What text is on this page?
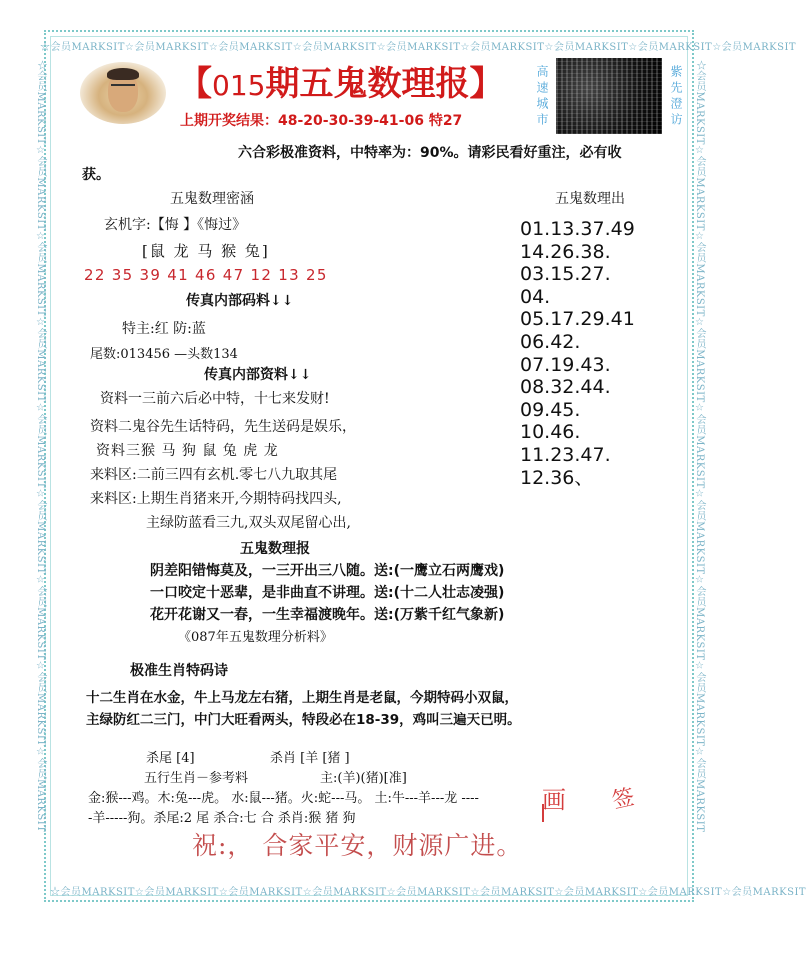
☆会员MARKSIT☆会员MARKSIT☆会员MARKSIT☆会员MARKSIT☆会员MARKSIT☆会员MARKSIT☆会员MARKSIT☆会员MARKSIT☆会员MARKSIT
☆会员MARKSIT☆会员MARKSIT☆会员MARKSIT☆会员MARKSIT☆会员MARKSIT☆会员MARKSIT☆会员MARKSIT☆会员MARKSIT☆会员MARKSIT
☆会员MARKSIT☆会员MARKSIT☆会员MARKSIT☆会员MARKSIT☆会员MARKSIT☆会员MARKSIT☆会员MARKSIT☆会员MARKSIT☆会员MARKSIT	☆会员MARKSIT☆会员MARKSIT☆会员MARKSIT☆会员MARKSIT☆会员MARKSIT☆会员MARKSIT☆会员MARKSIT☆会员MARKSIT☆会员MARKSIT
【015期五鬼数理报】
上期开奖结果：48-20-30-39-41-06 特27	高速城市	紫先澄访
六合彩极准资料，中特率为：90%。请彩民看好重注，必有收
获。
五鬼数理密涵	五鬼数理出
玄机字:【悔 】《悔过》
[鼠 龙 马 猴 兔]
22 35 39 41 46 47 12 13 25
传真内部码料↓↓
特主:红 防:蓝
尾数:013456 —头数134
传真内部资料↓↓
资料一三前六后必中特，十七来发财!
资料二鬼谷先生话特码，先生送码是娱乐，
资料三猴 马 狗 鼠 兔 虎 龙
来料区:二前三四有玄机.零七八九取其尾
来料区:上期生肖猪来开,今期特码找四头,
主绿防蓝看三九,双头双尾留心出,
01.13.37.49
14.26.38.
03.15.27.
04.
05.17.29.41
06.42.
07.19.43.
08.32.44.
09.45.
10.46.
11.23.47.
12.36、
五鬼数理报
阴差阳错悔莫及，一三开出三八随。送:(一鹰立石两鹰戏)
一口咬定十恶辈，是非曲直不讲理。送:(十二人壮志凌强)
花开花谢又一春，一生幸福渡晚年。送:(万紫千红气象新)
《087年五鬼数理分析料》
极准生肖特码诗
十二生肖在水金，牛上马龙左右猪，上期生肖是老鼠，今期特码小双鼠，
主绿防红二三门，中门大旺看两头，特段必在18-39，鸡叫三遍天已明。
杀尾 [4]	杀肖 [羊 [猪 ]
五行生肖－参考料	主:(羊)(猪)[准]
金:猴---鸡。木:兔---虎。 水:鼠---猪。火:蛇---马。 土:牛---羊---龙 ----
-羊-----狗。杀尾:2 尾 杀合:七 合 杀肖:猴 猪 狗
画 签
祝:， 合家平安，财源广进。
